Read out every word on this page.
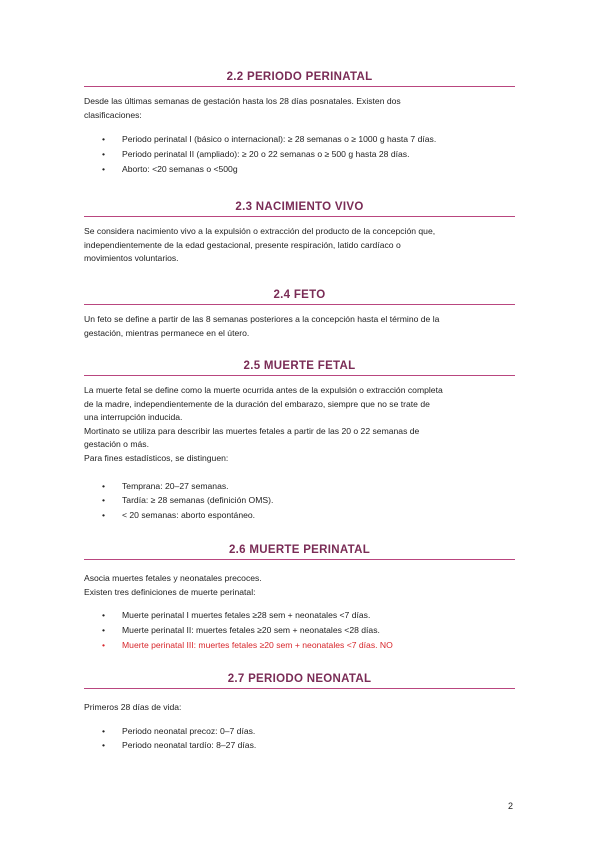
2.2 PERIODO PERINATAL

Desde las últimas semanas de gestación hasta los 28 días posnatales. Existen dos
clasificaciones:

• Periodo perinatal I (básico o internacional): ≥ 28 semanas o ≥ 1000 g hasta 7 días.
• Periodo perinatal II (ampliado): ≥ 20 o 22 semanas o ≥ 500 g hasta 28 días.
• Aborto: <20 semanas o <500g
2.3 NACIMIENTO VIVO

Se considera nacimiento vivo a la expulsión o extracción del producto de la concepción que,
independientemente de la edad gestacional, presente respiración, latido cardíaco o
movimientos voluntarios.

2.4 FETO

Un feto se define a partir de las 8 semanas posteriores a la concepción hasta el término de la
gestación, mientras permanece en el útero.

2.5 MUERTE FETAL

La muerte fetal se define como la muerte ocurrida antes de la expulsión o extracción completa
de la madre, independientemente de la duración del embarazo, siempre que no se trate de
una interrupción inducida.
Mortinato se utiliza para describir las muertes fetales a partir de las 20 o 22 semanas de
gestación o más.
Para fines estadísticos, se distinguen:

• Temprana: 20–27 semanas.
• Tardía: ≥ 28 semanas (definición OMS).
• < 20 semanas: aborto espontáneo.
2.6 MUERTE PERINATAL

Asocia muertes fetales y neonatales precoces.
Existen tres definiciones de muerte perinatal:

• Muerte perinatal I muertes fetales ≥28 sem + neonatales <7 días.
• Muerte perinatal II: muertes fetales ≥20 sem + neonatales <28 días.
• Muerte perinatal III: muertes fetales ≥20 sem + neonatales <7 días. NO
2.7 PERIODO NEONATAL

Primeros 28 días de vida:

• Periodo neonatal precoz: 0–7 días.
• Periodo neonatal tardío: 8–27 días.
2
